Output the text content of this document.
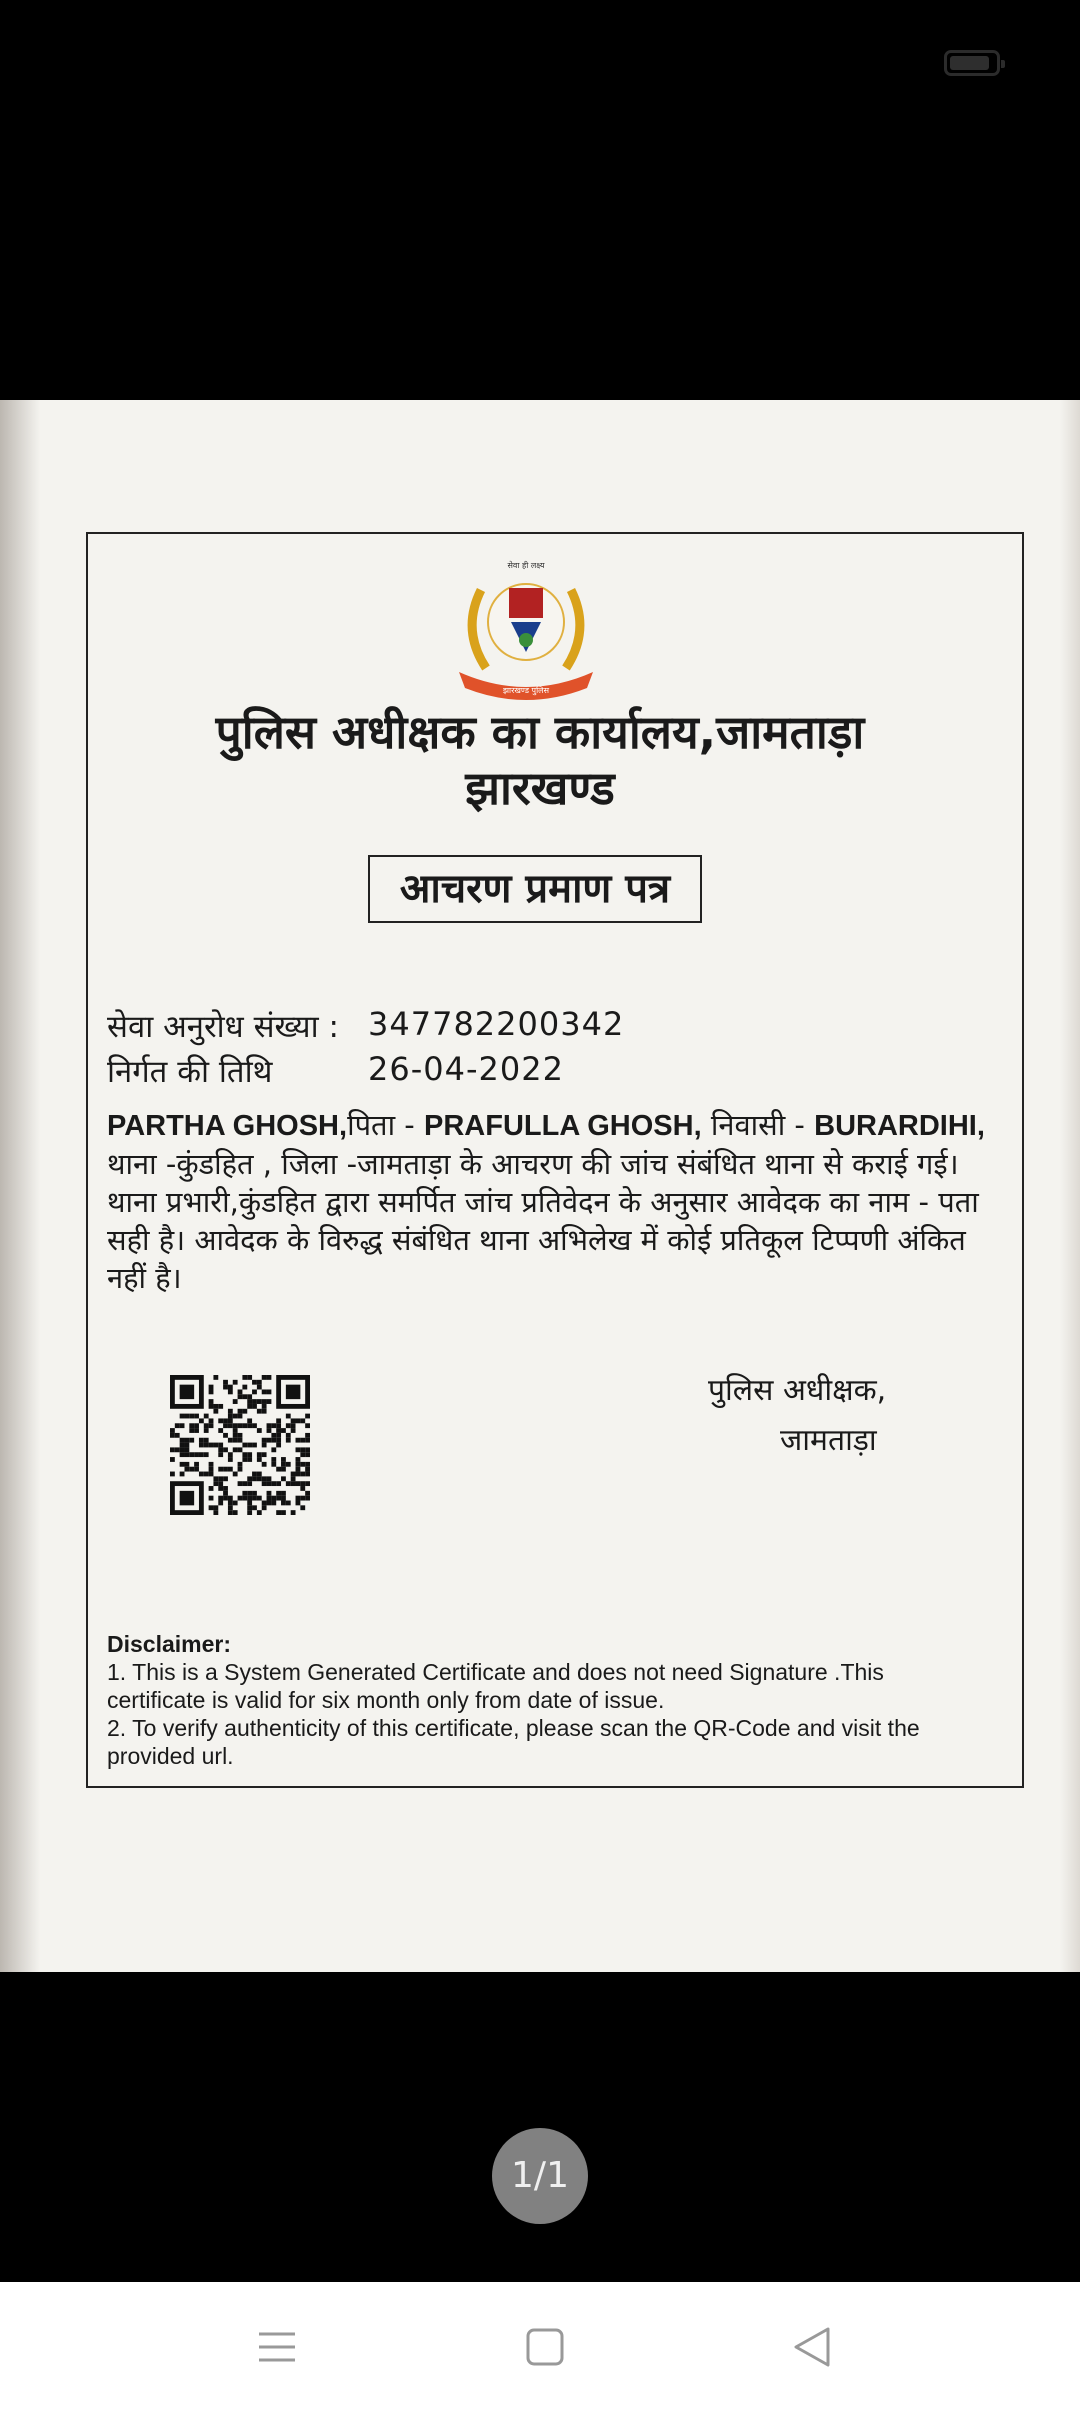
सेवा ही लक्ष्य
झारखण्ड पुलिस
पुलिस अधीक्षक का कार्यालय,जामताड़ा
झारखण्ड
आचरण प्रमाण पत्र
सेवा अनुरोध संख्या : 347782200342
निर्गत की तिथि	26-04-2022
PARTHA GHOSH,पिता - PRAFULLA GHOSH, निवासी - BURARDIHI, थाना -कुंडहित , जिला -जामताड़ा के आचरण की जांच संबंधित थाना से कराई गई। थाना प्रभारी,कुंडहित द्वारा समर्पित जांच प्रतिवेदन के अनुसार आवेदक का नाम - पता सही है। आवेदक के विरुद्ध संबंधित थाना अभिलेख में कोई प्रतिकूल टिप्पणी अंकित नहीं है।
पुलिस अधीक्षक,
जामताड़ा
Disclaimer:
1. This is a System Generated Certificate and does not need Signature .This certificate is valid for six month only from date of issue.
2. To verify authenticity of this certificate, please scan the QR-Code and visit the provided url.
1/1
